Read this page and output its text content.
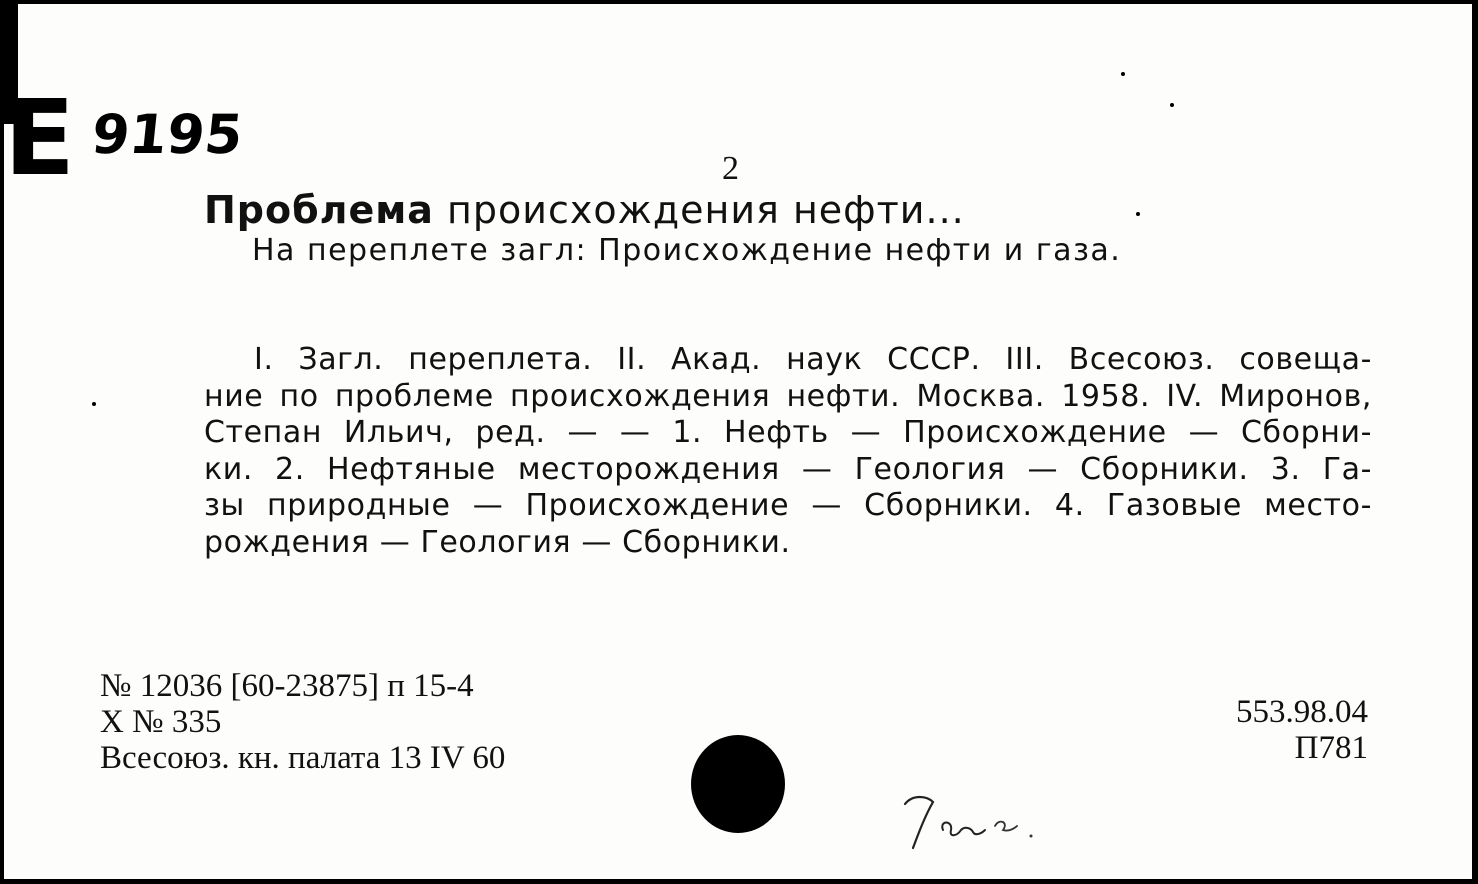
E 9195
2
Проблема происхождения нефти...
На переплете загл: Происхождение нефти и газа.
I. Загл. переплета. II. Акад. наук СССР. III. Всесоюз. совеща-
ние по проблеме происхождения нефти. Москва. 1958. IV. Миронов,
Степан Ильич, ред. — — 1. Нефть — Происхождение — Сборни-
ки. 2. Нефтяные месторождения — Геология — Сборники. 3. Га-
зы природные — Происхождение — Сборники. 4. Газовые место-
рождения — Геология — Сборники.
№ 12036 [60-23875] п 15-4
X № 335
Всесоюз. кн. палата 13 IV 60
553.98.04
П781
